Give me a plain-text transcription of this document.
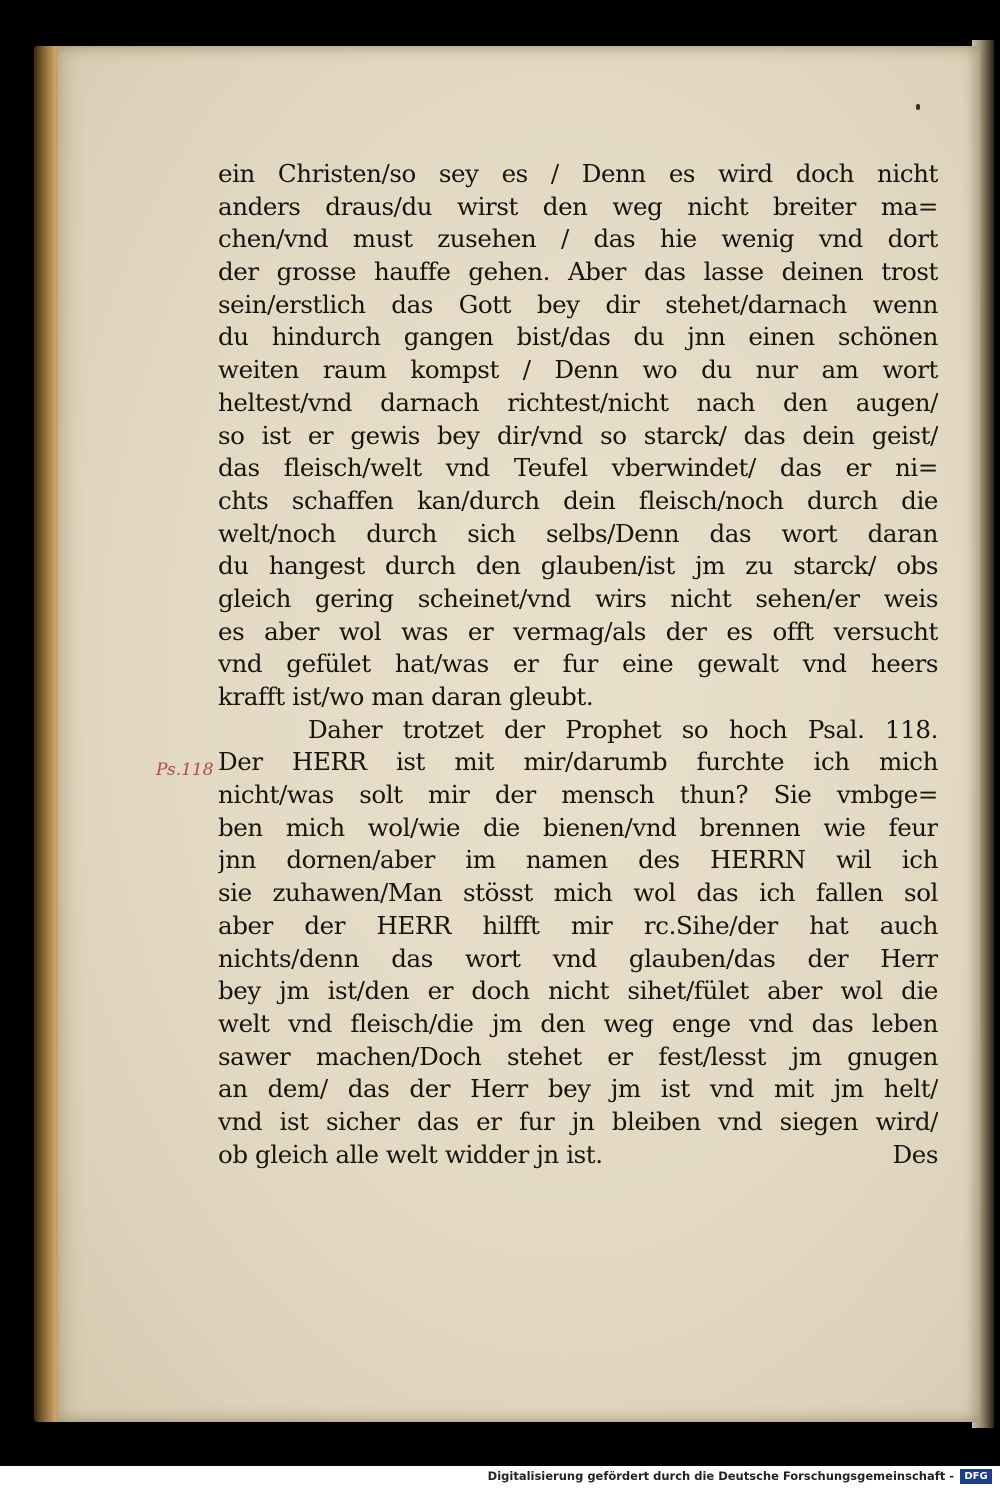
Ps.118
ein Christen/so sey es / Denn es wird doch nicht
anders draus/du wirst den weg nicht breiter ma=
chen/vnd must zusehen / das hie wenig vnd dort
der grosse hauffe gehen. Aber das lasse deinen trost
sein/erstlich das Gott bey dir stehet/darnach wenn
du hindurch gangen bist/das du jnn einen schönen
weiten raum kompst / Denn wo du nur am wort
heltest/vnd darnach richtest/nicht nach den augen/
so ist er gewis bey dir/vnd so starck/ das dein geist/
das fleisch/welt vnd Teufel vberwindet/ das er ni=
chts schaffen kan/durch dein fleisch/noch durch die
welt/noch durch sich selbs/Denn das wort daran
du hangest durch den glauben/ist jm zu starck/ obs
gleich gering scheinet/vnd wirs nicht sehen/er weis
es aber wol was er vermag/als der es offt versucht
vnd gefület hat/was er fur eine gewalt vnd heers
krafft ist/wo man daran gleubt.
Daher trotzet der Prophet so hoch Psal. 118.
Der HERR ist mit mir/darumb furchte ich mich
nicht/was solt mir der mensch thun? Sie vmbge=
ben mich wol/wie die bienen/vnd brennen wie feur
jnn dornen/aber im namen des HERRN wil ich
sie zuhawen/Man stösst mich wol das ich fallen sol
aber der HERR hilfft mir rc.Sihe/der hat auch
nichts/denn das wort vnd glauben/das der Herr
bey jm ist/den er doch nicht sihet/fület aber wol die
welt vnd fleisch/die jm den weg enge vnd das leben
sawer machen/Doch stehet er fest/lesst jm gnugen
an dem/ das der Herr bey jm ist vnd mit jm helt/
vnd ist sicher das er fur jn bleiben vnd siegen wird/
ob gleich alle welt widder jn ist.	Des
Digitalisierung gefördert durch die Deutsche Forschungsgemeinschaft -	DFG
